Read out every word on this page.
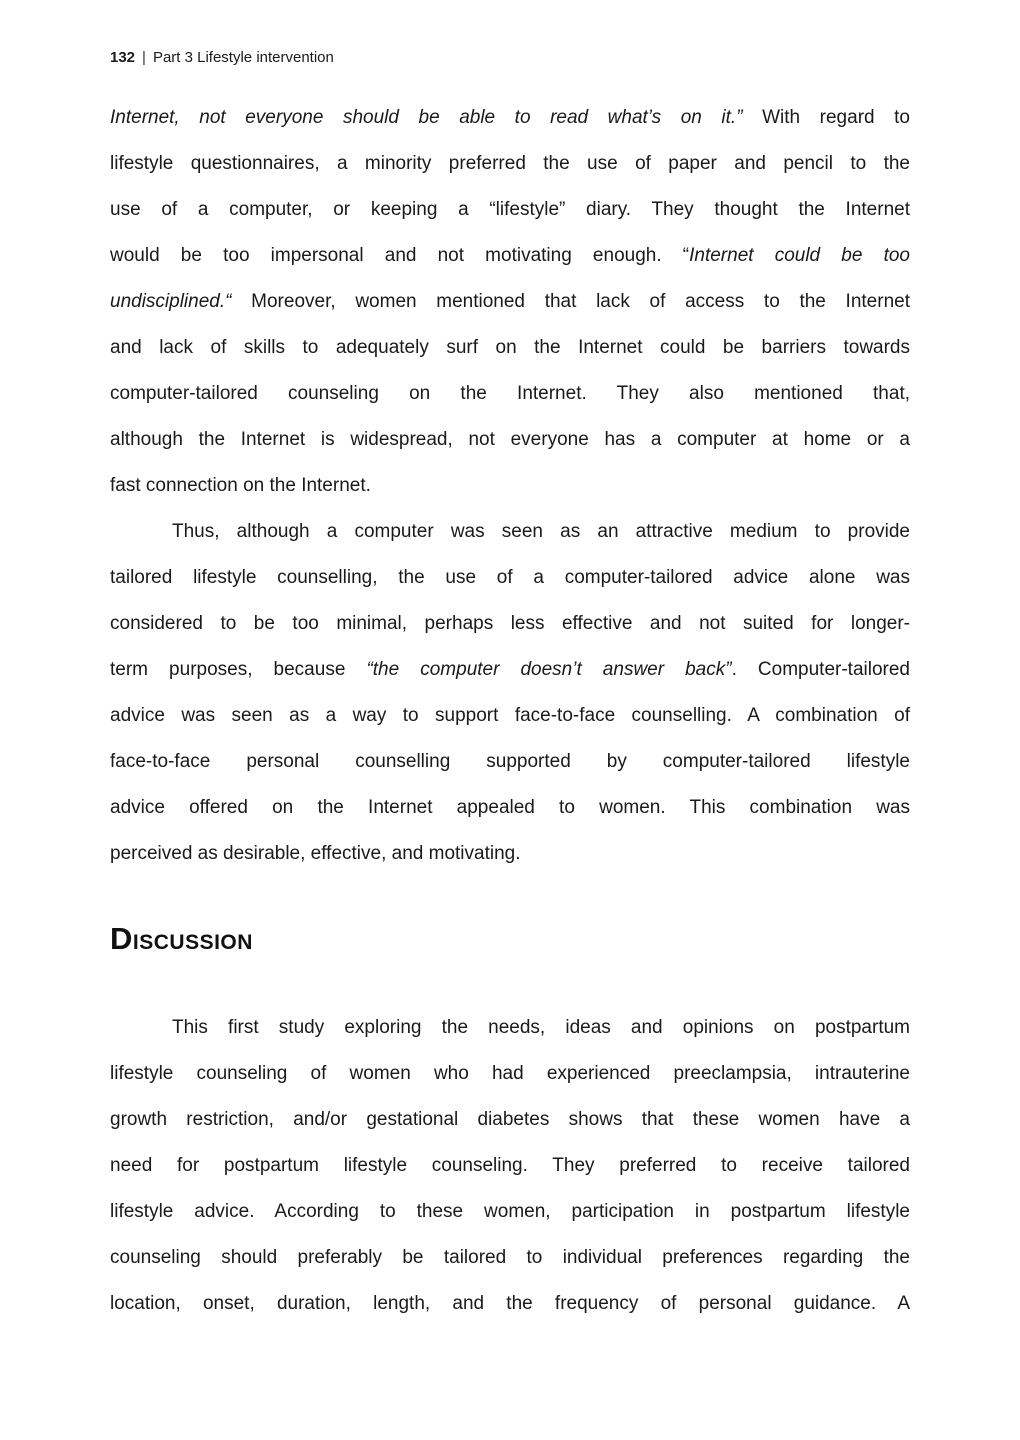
132 | Part 3 Lifestyle intervention
Internet, not everyone should be able to read what’s on it.” With regard to
lifestyle questionnaires, a minority preferred the use of paper and pencil to the
use of a computer, or keeping a “lifestyle” diary. They thought the Internet
would be too impersonal and not motivating enough. “Internet could be too
undisciplined.“ Moreover, women mentioned that lack of access to the Internet
and lack of skills to adequately surf on the Internet could be barriers towards
computer-tailored counseling on the Internet. They also mentioned that,
although the Internet is widespread, not everyone has a computer at home or a
fast connection on the Internet.
Thus, although a computer was seen as an attractive medium to provide
tailored lifestyle counselling, the use of a computer-tailored advice alone was
considered to be too minimal, perhaps less effective and not suited for longer-
term purposes, because “the computer doesn’t answer back”. Computer-tailored
advice was seen as a way to support face-to-face counselling. A combination of
face-to-face personal counselling supported by computer-tailored lifestyle
advice offered on the Internet appealed to women. This combination was
perceived as desirable, effective, and motivating.
DISCUSSION
This first study exploring the needs, ideas and opinions on postpartum
lifestyle counseling of women who had experienced preeclampsia, intrauterine
growth restriction, and/or gestational diabetes shows that these women have a
need for postpartum lifestyle counseling. They preferred to receive tailored
lifestyle advice. According to these women, participation in postpartum lifestyle
counseling should preferably be tailored to individual preferences regarding the
location, onset, duration, length, and the frequency of personal guidance. A
